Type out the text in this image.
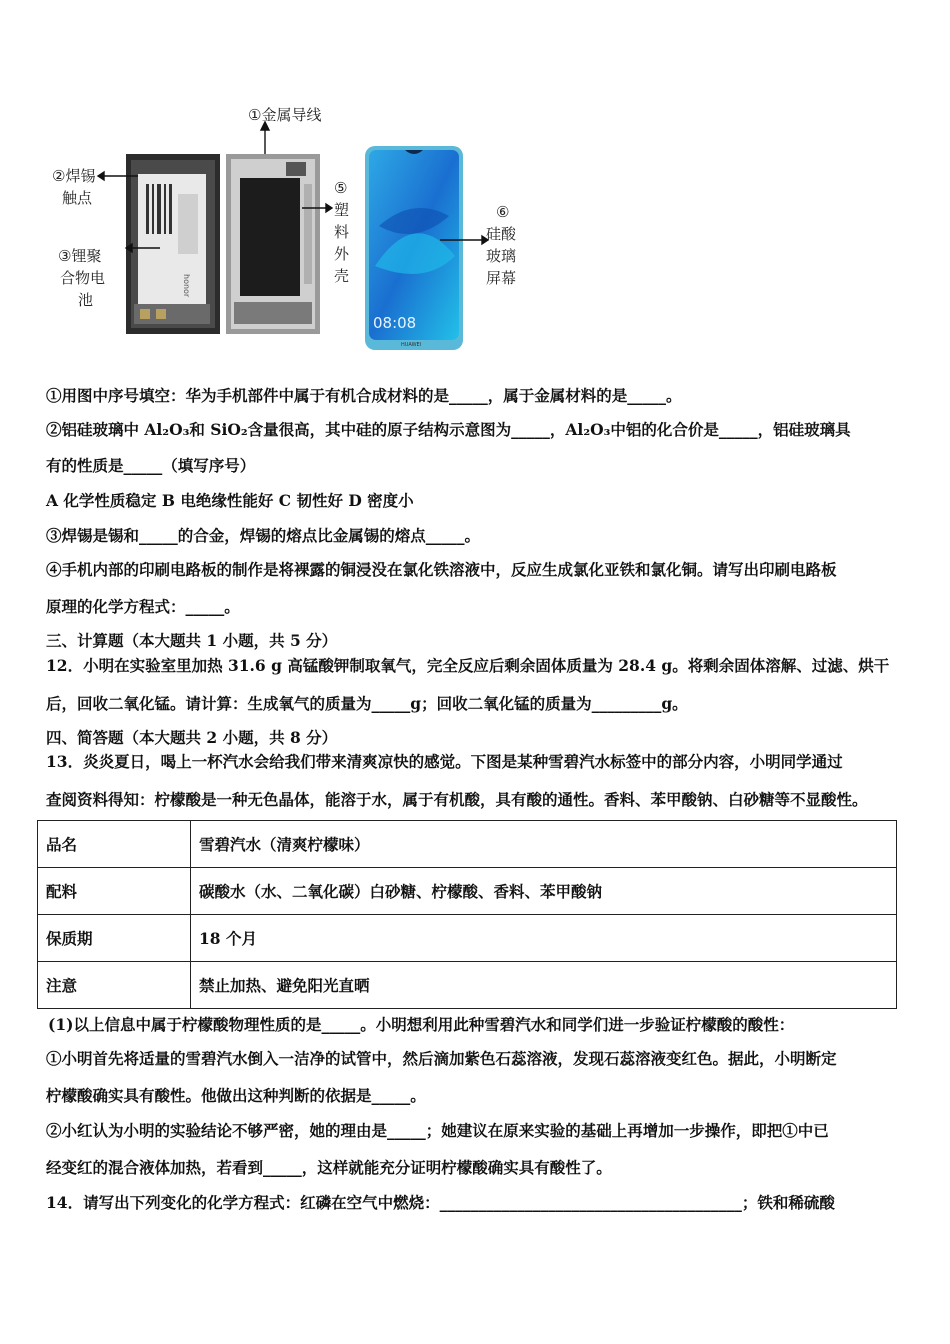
honor
08:08
HUAWEI
①金属导线
②焊锡
触点
③锂聚
合物电
池
⑤
塑
料
外
壳
⑥
硅酸
玻璃
屏幕
①用图中序号填空：华为手机部件中属于有机合成材料的是_____，属于金属材料的是_____。
②铝硅玻璃中 Al₂O₃和 SiO₂含量很高，其中硅的原子结构示意图为_____，Al₂O₃中铝的化合价是_____，铝硅玻璃具
有的性质是_____（填写序号）
A 化学性质稳定 B 电绝缘性能好 C 韧性好 D 密度小
③焊锡是锡和_____的合金，焊锡的熔点比金属锡的熔点_____。
④手机内部的印刷电路板的制作是将裸露的铜浸没在氯化铁溶液中，反应生成氯化亚铁和氯化铜。请写出印刷电路板
原理的化学方程式：_____。
三、计算题（本大题共 1 小题，共 5 分）
12．小明在实验室里加热 31.6 g 高锰酸钾制取氧气，完全反应后剩余固体质量为 28.4 g。将剩余固体溶解、过滤、烘干
后，回收二氧化锰。请计算：生成氧气的质量为_____g；回收二氧化锰的质量为_________g。
四、简答题（本大题共 2 小题，共 8 分）
13．炎炎夏日，喝上一杯汽水会给我们带来清爽凉快的感觉。下图是某种雪碧汽水标签中的部分内容，小明同学通过
查阅资料得知：柠檬酸是一种无色晶体，能溶于水，属于有机酸，具有酸的通性。香料、苯甲酸钠、白砂糖等不显酸性。
品名	雪碧汽水（清爽柠檬味）
配料	碳酸水（水、二氧化碳）白砂糖、柠檬酸、香料、苯甲酸钠
保质期	18 个月
注意	禁止加热、避免阳光直晒
(1)以上信息中属于柠檬酸物理性质的是_____。小明想利用此种雪碧汽水和同学们进一步验证柠檬酸的酸性：
①小明首先将适量的雪碧汽水倒入一洁净的试管中，然后滴加紫色石蕊溶液，发现石蕊溶液变红色。据此，小明断定
柠檬酸确实具有酸性。他做出这种判断的依据是_____。
②小红认为小明的实验结论不够严密，她的理由是_____；她建议在原来实验的基础上再增加一步操作，即把①中已
经变红的混合液体加热，若看到_____，这样就能充分证明柠檬酸确实具有酸性了。
14．请写出下列变化的化学方程式：红磷在空气中燃烧：_______________________________________；铁和稀硫酸
